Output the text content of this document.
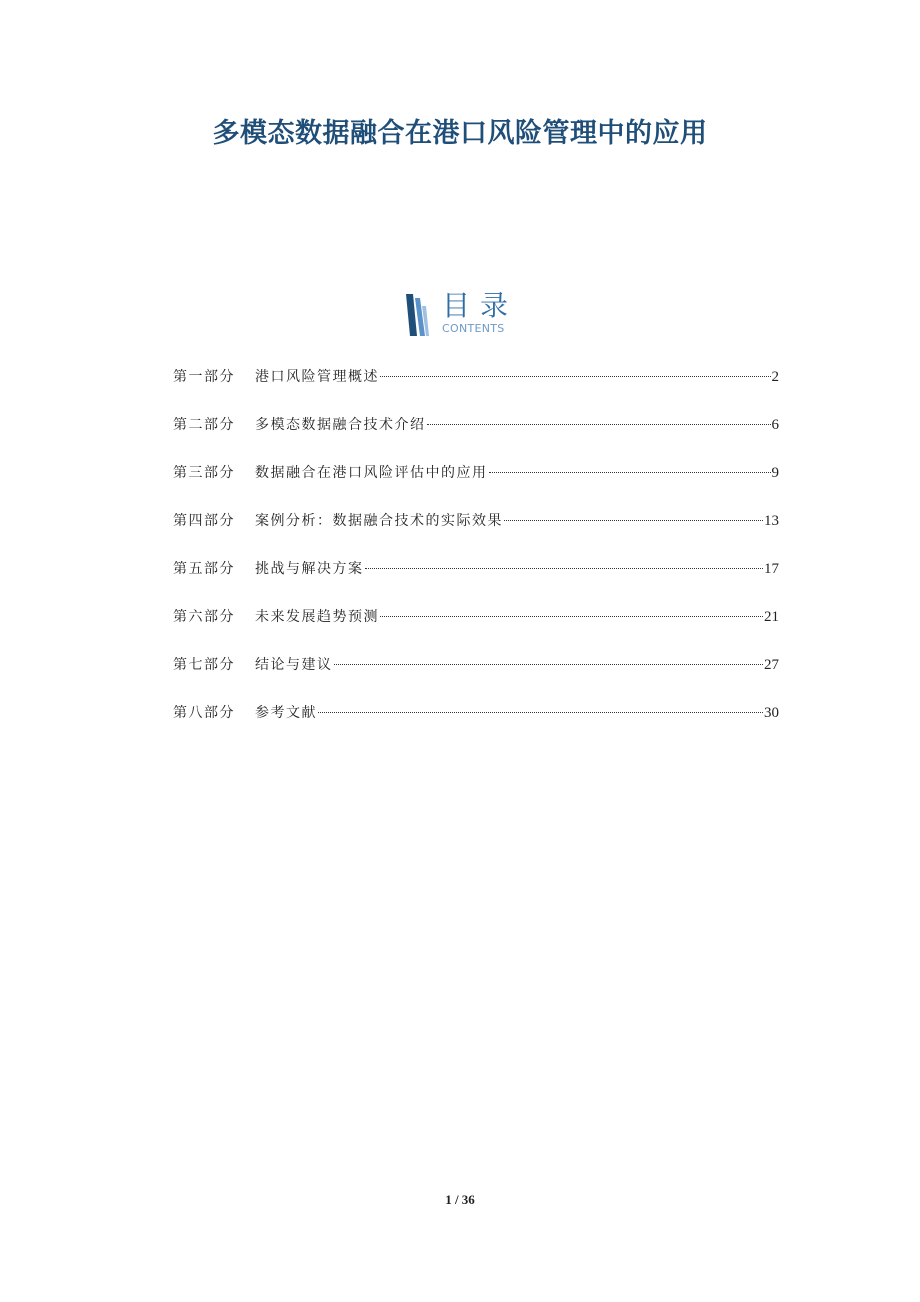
多模态数据融合在港口风险管理中的应用
目录
CONTENTS
第一部分	港口风险管理概述	2
第二部分	多模态数据融合技术介绍	6
第三部分	数据融合在港口风险评估中的应用	9
第四部分	案例分析：数据融合技术的实际效果	13
第五部分	挑战与解决方案	17
第六部分	未来发展趋势预测	21
第七部分	结论与建议	27
第八部分	参考文献	30
1 / 36
